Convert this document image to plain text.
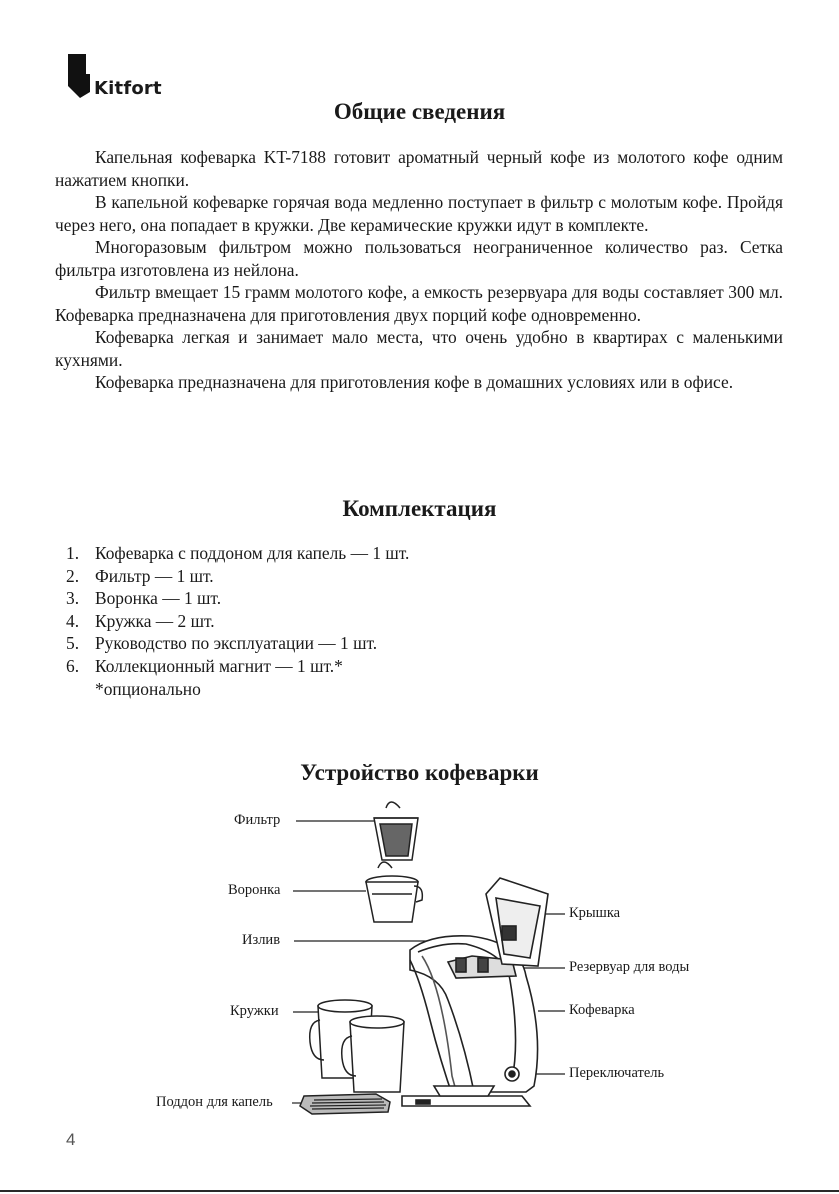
Kitfort
Общие сведения

Капельная кофеварка KT-7188 готовит ароматный черный кофе из молотого кофе одним нажатием кнопки.

В капельной кофеварке горячая вода медленно поступает в фильтр с молотым кофе. Пройдя через него, она попадает в кружки. Две керамические кружки идут в комплекте.

Многоразовым фильтром можно пользоваться неограниченное количество раз. Сетка фильтра изготовлена из нейлона.

Фильтр вмещает 15 грамм молотого кофе, а емкость резервуара для воды составляет 300 мл. Кофеварка предназначена для приготовления двух порций кофе одновременно.

Кофеварка легкая и занимает мало места, что очень удобно в квартирах с маленькими кухнями.

Кофеварка предназначена для приготовления кофе в домашних условиях или в офисе.

Комплектация
1. Кофеварка с поддоном для капель — 1 шт.
2. Фильтр — 1 шт.
3. Воронка — 1 шт.
4. Кружка — 2 шт.
5. Руководство по эксплуатации — 1 шт.
6. Коллекционный магнит — 1 шт.*
*опционально
Устройство кофеварки
Фильтр
Воронка
Излив
Кружки
Поддон для капель
Крышка
Резервуар для воды
Кофеварка
Переключатель
4
